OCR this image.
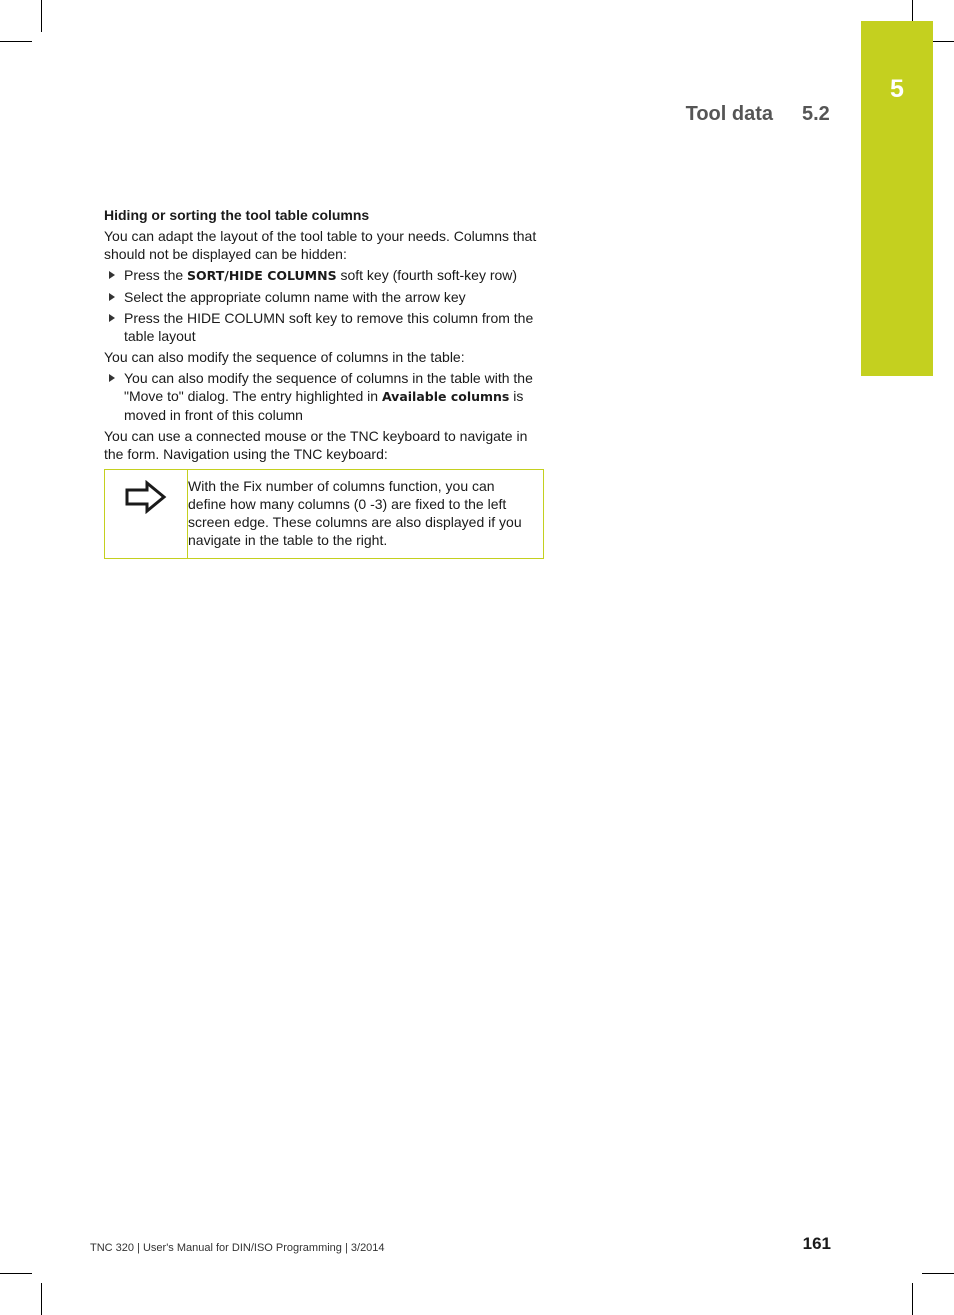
5
Tool data 5.2
Hiding or sorting the tool table columns

You can adapt the layout of the tool table to your needs. Columns that should not be displayed can be hidden:

Press the SORT/HIDE COLUMNS soft key (fourth soft-key row)
Select the appropriate column name with the arrow key
Press the HIDE COLUMN soft key to remove this column from the table layout

You can also modify the sequence of columns in the table:

You can also modify the sequence of columns in the table with the "Move to" dialog. The entry highlighted in Available columns is moved in front of this column

You can use a connected mouse or the TNC keyboard to navigate in the form. Navigation using the TNC keyboard:

With the Fix number of columns function, you can define how many columns (0 -3) are fixed to the left screen edge. These columns are also displayed if you navigate in the table to the right.
TNC 320 | User's Manual for DIN/ISO Programming | 3/2014	161
